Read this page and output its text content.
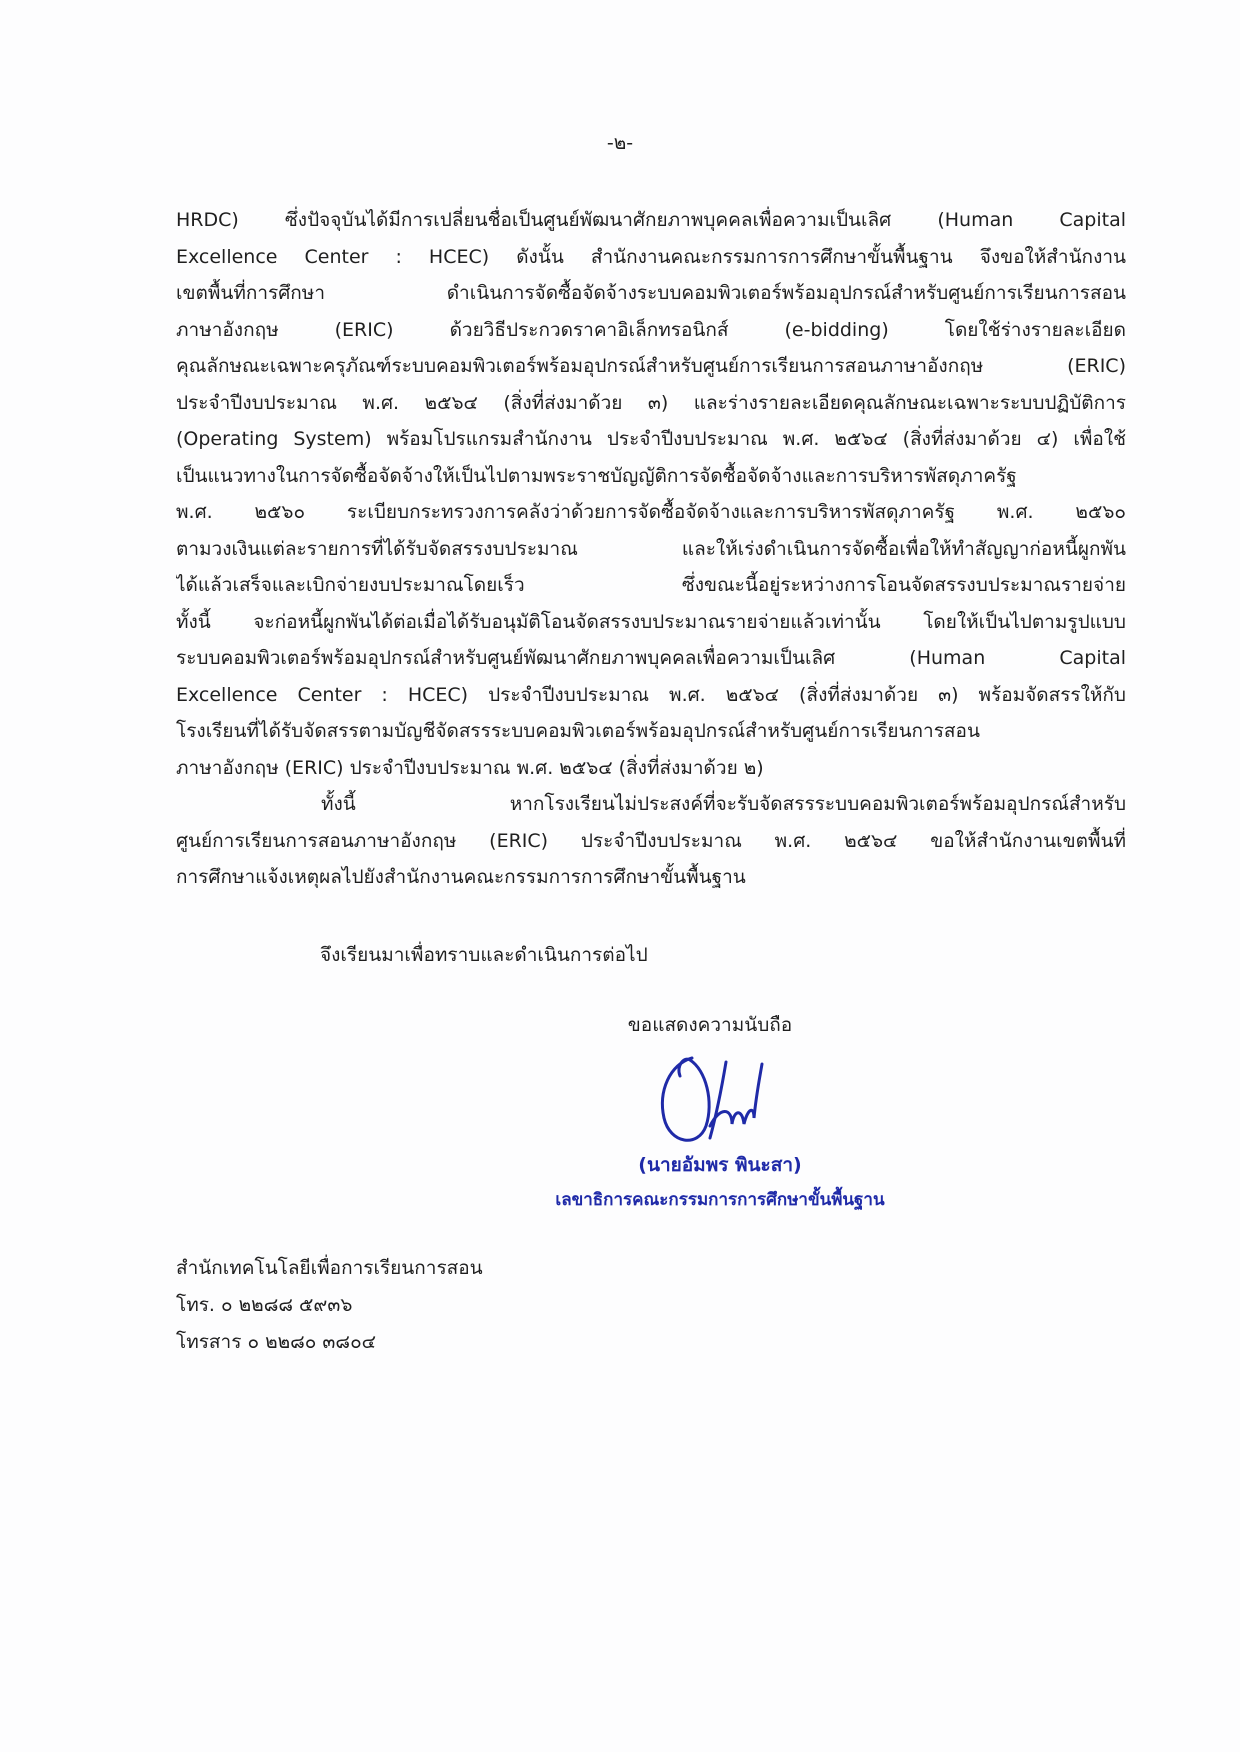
-๒-
HRDC) ซึ่งปัจจุบันได้มีการเปลี่ยนชื่อเป็นศูนย์พัฒนาศักยภาพบุคคลเพื่อความเป็นเลิศ (Human Capital
Excellence Center : HCEC) ดังนั้น สำนักงานคณะกรรมการการศึกษาขั้นพื้นฐาน จึงขอให้สำนักงาน
เขตพื้นที่การศึกษา ดำเนินการจัดซื้อจัดจ้างระบบคอมพิวเตอร์พร้อมอุปกรณ์สำหรับศูนย์การเรียนการสอน
ภาษาอังกฤษ (ERIC) ด้วยวิธีประกวดราคาอิเล็กทรอนิกส์ (e-bidding) โดยใช้ร่างรายละเอียด
คุณลักษณะเฉพาะครุภัณฑ์ระบบคอมพิวเตอร์พร้อมอุปกรณ์สำหรับศูนย์การเรียนการสอนภาษาอังกฤษ (ERIC)
ประจำปีงบประมาณ พ.ศ. ๒๕๖๔ (สิ่งที่ส่งมาด้วย ๓) และร่างรายละเอียดคุณลักษณะเฉพาะระบบปฏิบัติการ
(Operating System) พร้อมโปรแกรมสำนักงาน ประจำปีงบประมาณ พ.ศ. ๒๕๖๔ (สิ่งที่ส่งมาด้วย ๔) เพื่อใช้
เป็นแนวทางในการจัดซื้อจัดจ้างให้เป็นไปตามพระราชบัญญัติการจัดซื้อจัดจ้างและการบริหารพัสดุภาครัฐ
พ.ศ. ๒๕๖๐ ระเบียบกระทรวงการคลังว่าด้วยการจัดซื้อจัดจ้างและการบริหารพัสดุภาครัฐ พ.ศ. ๒๕๖๐
ตามวงเงินแต่ละรายการที่ได้รับจัดสรรงบประมาณ และให้เร่งดำเนินการจัดซื้อเพื่อให้ทำสัญญาก่อหนี้ผูกพัน
ได้แล้วเสร็จและเบิกจ่ายงบประมาณโดยเร็ว ซึ่งขณะนี้อยู่ระหว่างการโอนจัดสรรงบประมาณรายจ่าย
ทั้งนี้ จะก่อหนี้ผูกพันได้ต่อเมื่อได้รับอนุมัติโอนจัดสรรงบประมาณรายจ่ายแล้วเท่านั้น โดยให้เป็นไปตามรูปแบบ
ระบบคอมพิวเตอร์พร้อมอุปกรณ์สำหรับศูนย์พัฒนาศักยภาพบุคคลเพื่อความเป็นเลิศ (Human Capital
Excellence Center : HCEC) ประจำปีงบประมาณ พ.ศ. ๒๕๖๔ (สิ่งที่ส่งมาด้วย ๓) พร้อมจัดสรรให้กับ
โรงเรียนที่ได้รับจัดสรรตามบัญชีจัดสรรระบบคอมพิวเตอร์พร้อมอุปกรณ์สำหรับศูนย์การเรียนการสอน
ภาษาอังกฤษ (ERIC) ประจำปีงบประมาณ พ.ศ. ๒๕๖๔ (สิ่งที่ส่งมาด้วย ๒)
ทั้งนี้ หากโรงเรียนไม่ประสงค์ที่จะรับจัดสรรระบบคอมพิวเตอร์พร้อมอุปกรณ์สำหรับ
ศูนย์การเรียนการสอนภาษาอังกฤษ (ERIC) ประจำปีงบประมาณ พ.ศ. ๒๕๖๔ ขอให้สำนักงานเขตพื้นที่
การศึกษาแจ้งเหตุผลไปยังสำนักงานคณะกรรมการการศึกษาขั้นพื้นฐาน
จึงเรียนมาเพื่อทราบและดำเนินการต่อไป
ขอแสดงความนับถือ
(นายอัมพร พินะสา)
เลขาธิการคณะกรรมการการศึกษาขั้นพื้นฐาน
สำนักเทคโนโลยีเพื่อการเรียนการสอน
โทร. ๐ ๒๒๘๘ ๕๙๓๖
โทรสาร ๐ ๒๒๘๐ ๓๘๐๔
